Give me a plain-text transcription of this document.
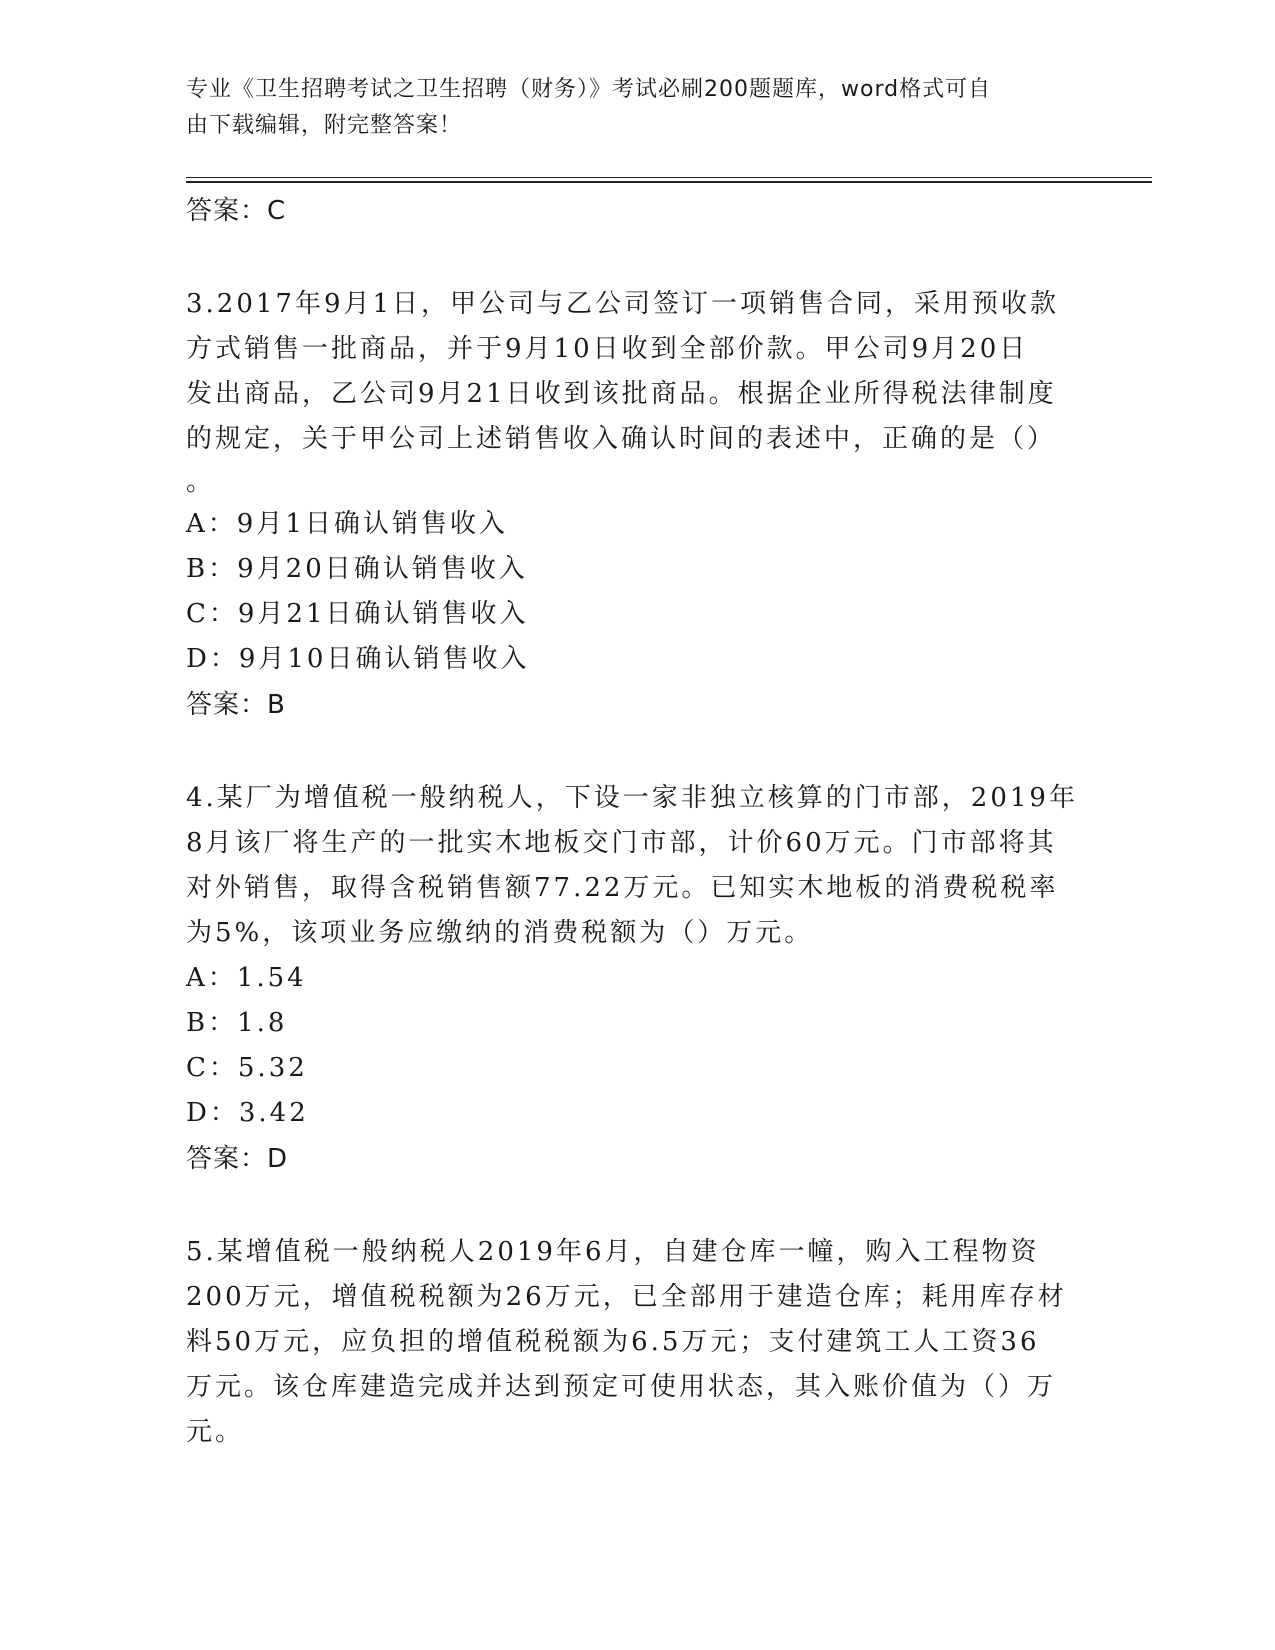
专业《卫生招聘考试之卫生招聘（财务）》考试必刷200题题库，word格式可自
由下载编辑，附完整答案！
答案：C

3.2017年9月1日，甲公司与乙公司签订一项销售合同，采用预收款

方式销售一批商品，并于9月10日收到全部价款。甲公司9月20日

发出商品，乙公司9月21日收到该批商品。根据企业所得税法律制度

的规定，关于甲公司上述销售收入确认时间的表述中，正确的是（）

。
A：9月1日确认销售收入
B：9月20日确认销售收入
C：9月21日确认销售收入
D：9月10日确认销售收入
答案：B

4.某厂为增值税一般纳税人，下设一家非独立核算的门市部，2019年

8月该厂将生产的一批实木地板交门市部，计价60万元。门市部将其

对外销售，取得含税销售额77.22万元。已知实木地板的消费税税率

为5%，该项业务应缴纳的消费税额为（）万元。

A：1.54
B：1.8
C：5.32
D：3.42
答案：D

5.某增值税一般纳税人2019年6月，自建仓库一幢，购入工程物资

200万元，增值税税额为26万元，已全部用于建造仓库；耗用库存材

料50万元，应负担的增值税税额为6.5万元；支付建筑工人工资36

万元。该仓库建造完成并达到预定可使用状态，其入账价值为（）万

元。
